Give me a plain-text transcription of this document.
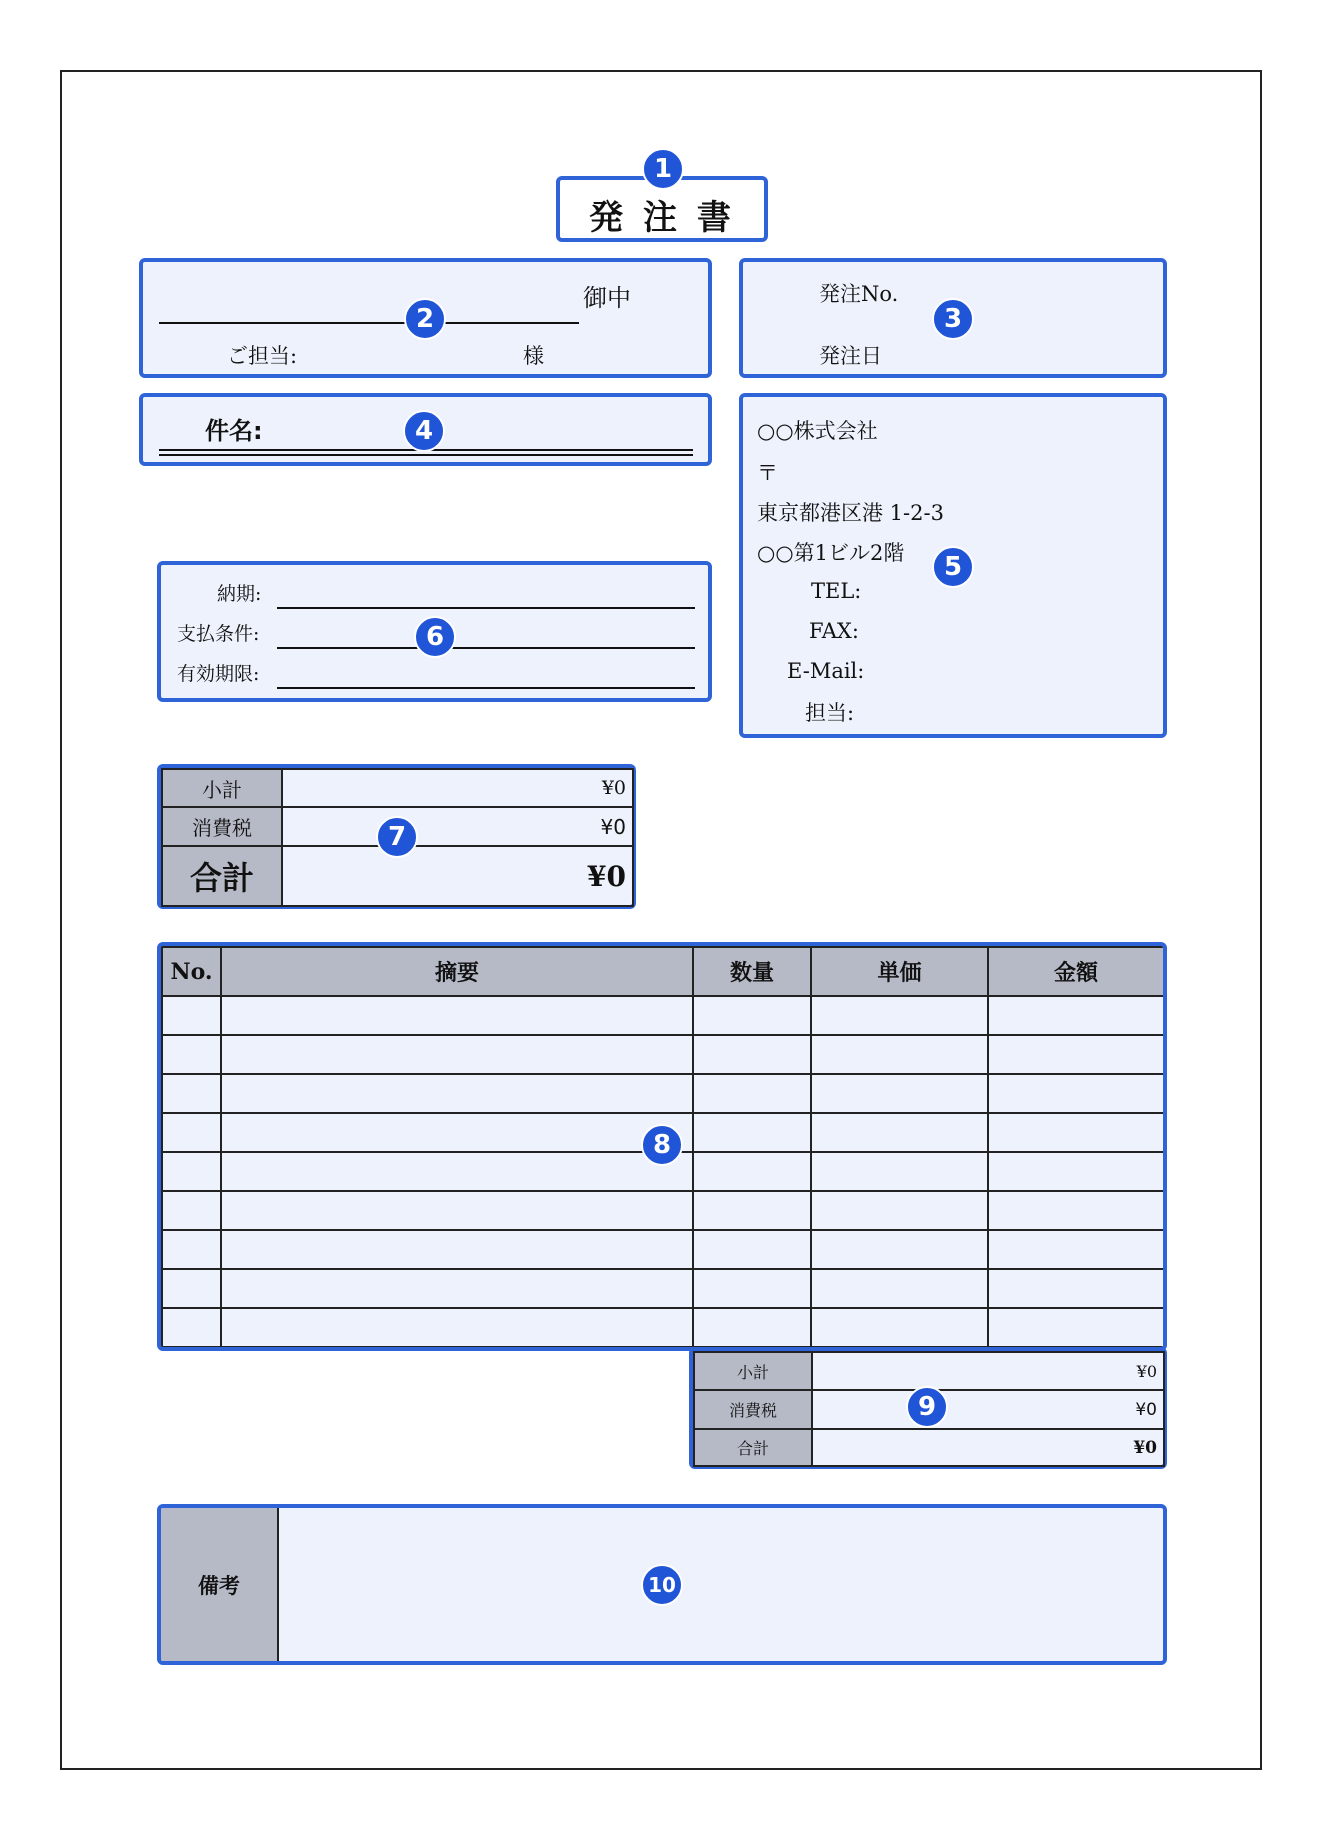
発 注 書
1
御中
ご担当:	様
2
発注No.
発注日
3
件名:	4	○○株式会社
〒
東京都港区港 1-2-3
○○第1ビル2階
TEL:
FAX:
E-Mail:
担当:
5
納期:
支払条件:
有効期限:
6
小計	¥0
消費税	¥0
合計	¥0
7
No.	摘要	数量	単価	金額

8
小計	¥0
消費税	¥0
合計	¥0
9
備考	10
